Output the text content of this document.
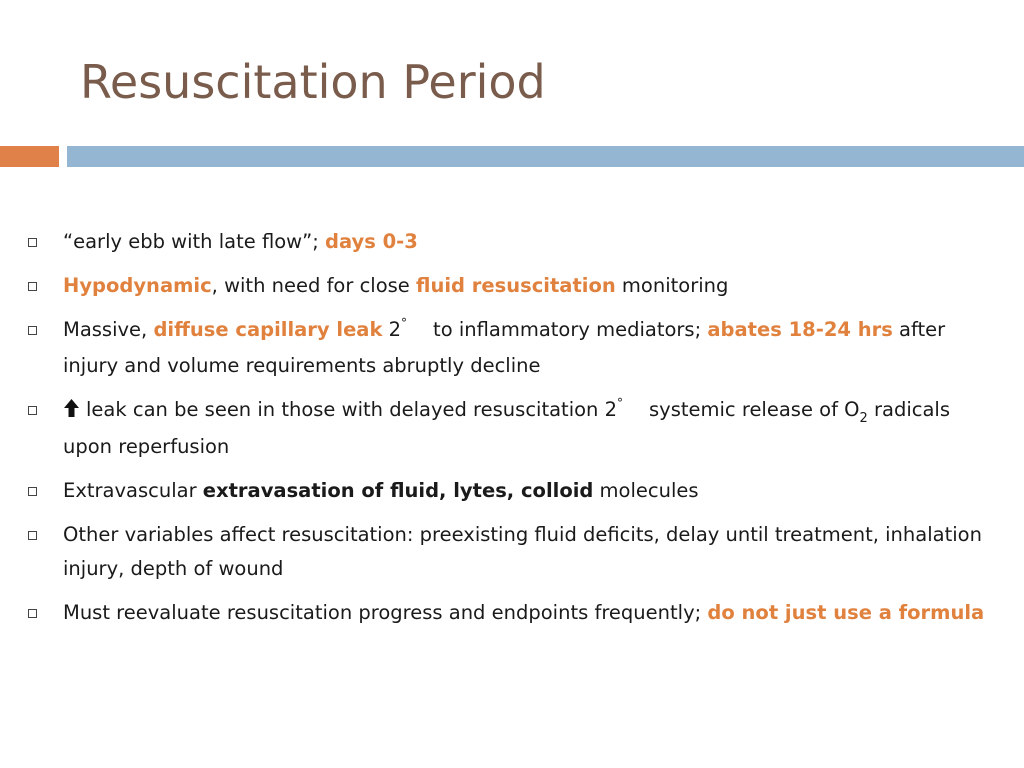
Resuscitation Period
“early ebb with late flow”; days 0-3
Hypodynamic, with need for close fluid resuscitation monitoring
Massive, diffuse capillary leak 2° to inflammatory mediators; abates 18-24 hrs after injury and volume requirements abruptly decline
leak can be seen in those with delayed resuscitation 2° systemic release of $O_2$ radicals upon reperfusion
Extravascular extravasation of fluid, lytes, colloid molecules
Other variables affect resuscitation: preexisting fluid deficits, delay until treatment, inhalation injury, depth of wound
Must reevaluate resuscitation progress and endpoints frequently; do not just use a formula
